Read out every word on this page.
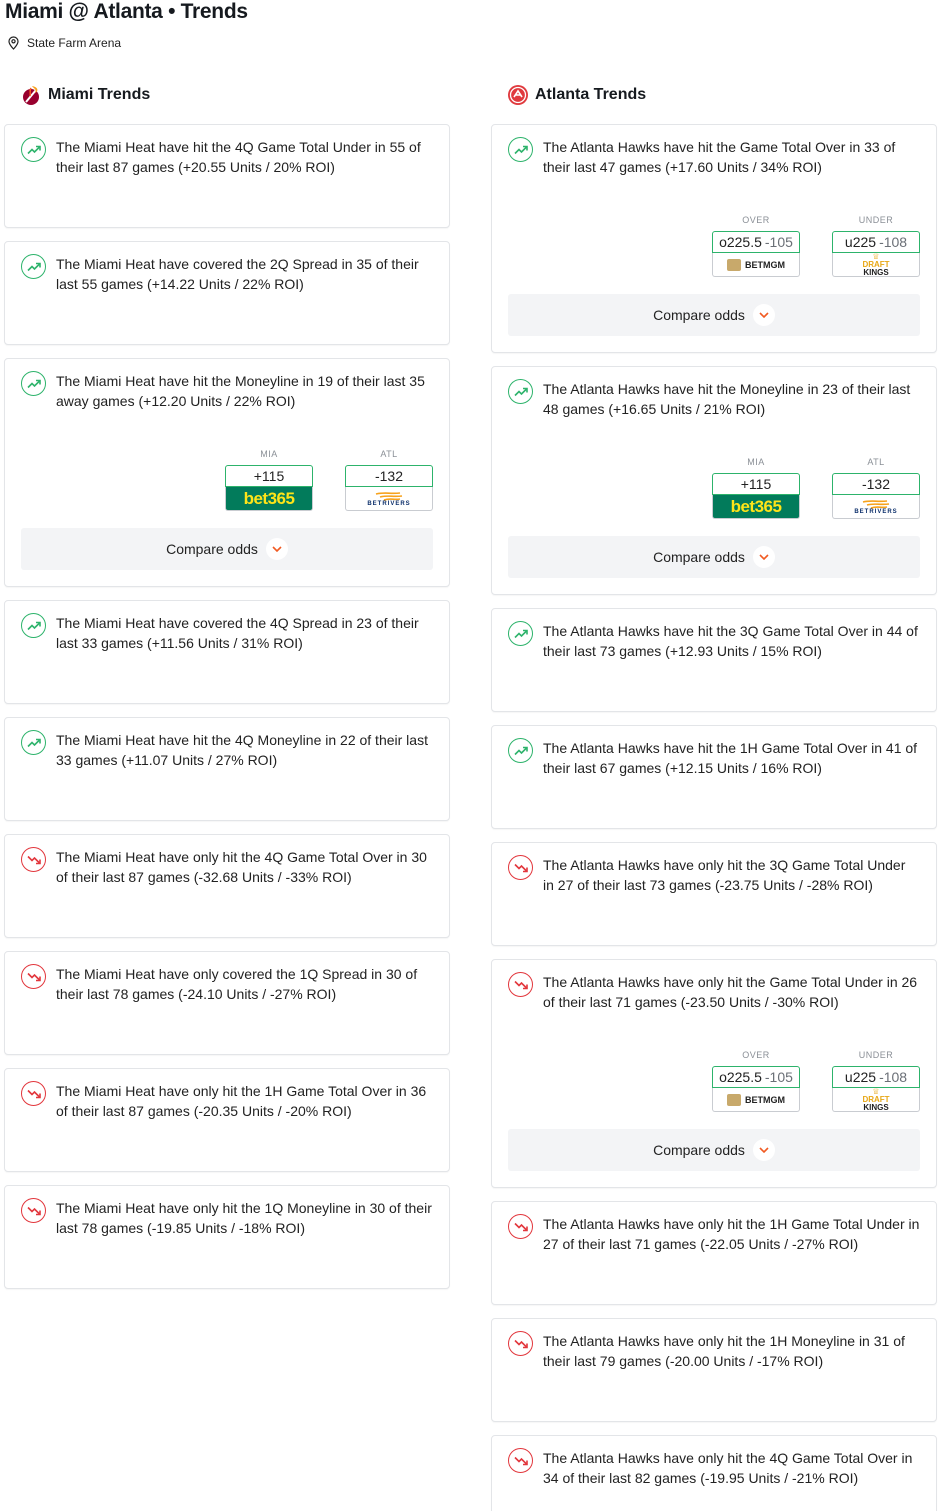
Miami @ Atlanta • Trends
State Farm Arena
Miami Trends	Atlanta Trends
The Miami Heat have hit the 4Q Game Total Under in 55 of their last 87 games (+20.55 Units / 20% ROI)
The Miami Heat have covered the 2Q Spread in 35 of their last 55 games (+14.22 Units / 22% ROI)
The Miami Heat have hit the Moneyline in 19 of their last 35 away games (+12.20 Units / 22% ROI)
MIA
+115
bet365
ATL
-132
BETRIVERS
Compare odds
The Miami Heat have covered the 4Q Spread in 23 of their last 33 games (+11.56 Units / 31% ROI)
The Miami Heat have hit the 4Q Moneyline in 22 of their last 33 games (+11.07 Units / 27% ROI)
The Miami Heat have only hit the 4Q Game Total Over in 30 of their last 87 games (-32.68 Units / -33% ROI)
The Miami Heat have only covered the 1Q Spread in 30 of their last 78 games (-24.10 Units / -27% ROI)
The Miami Heat have only hit the 1H Game Total Over in 36 of their last 87 games (-20.35 Units / -20% ROI)
The Miami Heat have only hit the 1Q Moneyline in 30 of their last 78 games (-19.85 Units / -18% ROI)
The Atlanta Hawks have hit the Game Total Over in 33 of their last 47 games (+17.60 Units / 34% ROI)
OVER
o225.5 -105
BETMGM
UNDER
u225 -108
♕
DRAFT
KINGS
Compare odds
The Atlanta Hawks have hit the Moneyline in 23 of their last 48 games (+16.65 Units / 21% ROI)
MIA
+115
bet365
ATL
-132
BETRIVERS
Compare odds
The Atlanta Hawks have hit the 3Q Game Total Over in 44 of their last 73 games (+12.93 Units / 15% ROI)
The Atlanta Hawks have hit the 1H Game Total Over in 41 of their last 67 games (+12.15 Units / 16% ROI)
The Atlanta Hawks have only hit the 3Q Game Total Under in 27 of their last 73 games (-23.75 Units / -28% ROI)
The Atlanta Hawks have only hit the Game Total Under in 26 of their last 71 games (-23.50 Units / -30% ROI)
OVER
o225.5 -105
BETMGM
UNDER
u225 -108
♕
DRAFT
KINGS
Compare odds
The Atlanta Hawks have only hit the 1H Game Total Under in 27 of their last 71 games (-22.05 Units / -27% ROI)
The Atlanta Hawks have only hit the 1H Moneyline in 31 of their last 79 games (-20.00 Units / -17% ROI)
The Atlanta Hawks have only hit the 4Q Game Total Over in 34 of their last 82 games (-19.95 Units / -21% ROI)
